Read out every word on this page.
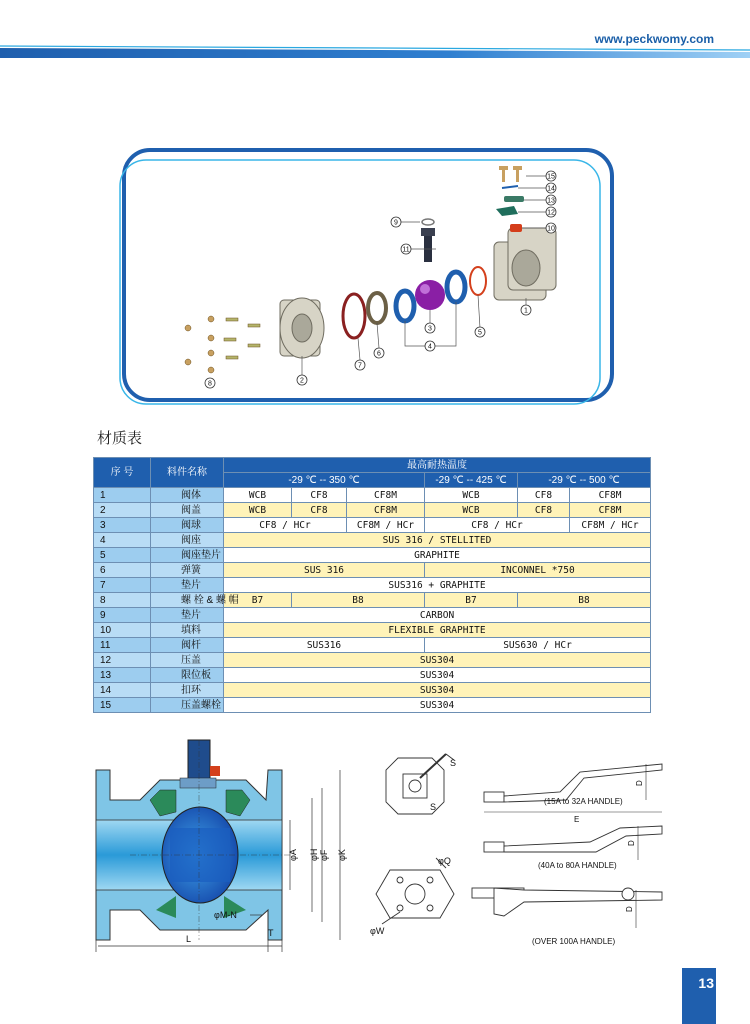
www.peckwomy.com
1
2
3
4
5
6
7
8
9
10
11
12
13
14
15
材质表
序 号	料件名称	最高耐热温度					
		-29 ℃ -- 350 ℃			-29 ℃ -- 425 ℃	-29 ℃ -- 500 ℃	
1	阀体	WCB	CF8	CF8M	WCB	CF8	CF8M
2	阀盖	WCB	CF8	CF8M	WCB	CF8	CF8M
3	阀球	CF8 / HCr		CF8M / HCr	CF8 / HCr		CF8M / HCr
4	阀座	SUS 316 / STELLITED					
5	阀座垫片	GRAPHITE					
6	弹簧	SUS 316			INCONNEL *750		
7	垫片	SUS316 + GRAPHITE					
8	螺 栓 & 螺 帽	B7	B8		B7	B8	
9	垫片	CARBON					
10	填料	FLEXIBLE GRAPHITE					
11	阀杆	SUS316			SUS630 / HCr		
12	压盖	SUS304					
13	限位板	SUS304					
14	扣环	SUS304					
15	压盖螺栓	SUS304					
φA φH φF φK
φM-N
L
T
S
S
φQ
φW
D
E
D
D
(15A to 32A HANDLE)
(40A to 80A HANDLE)
(OVER 100A HANDLE)
13
